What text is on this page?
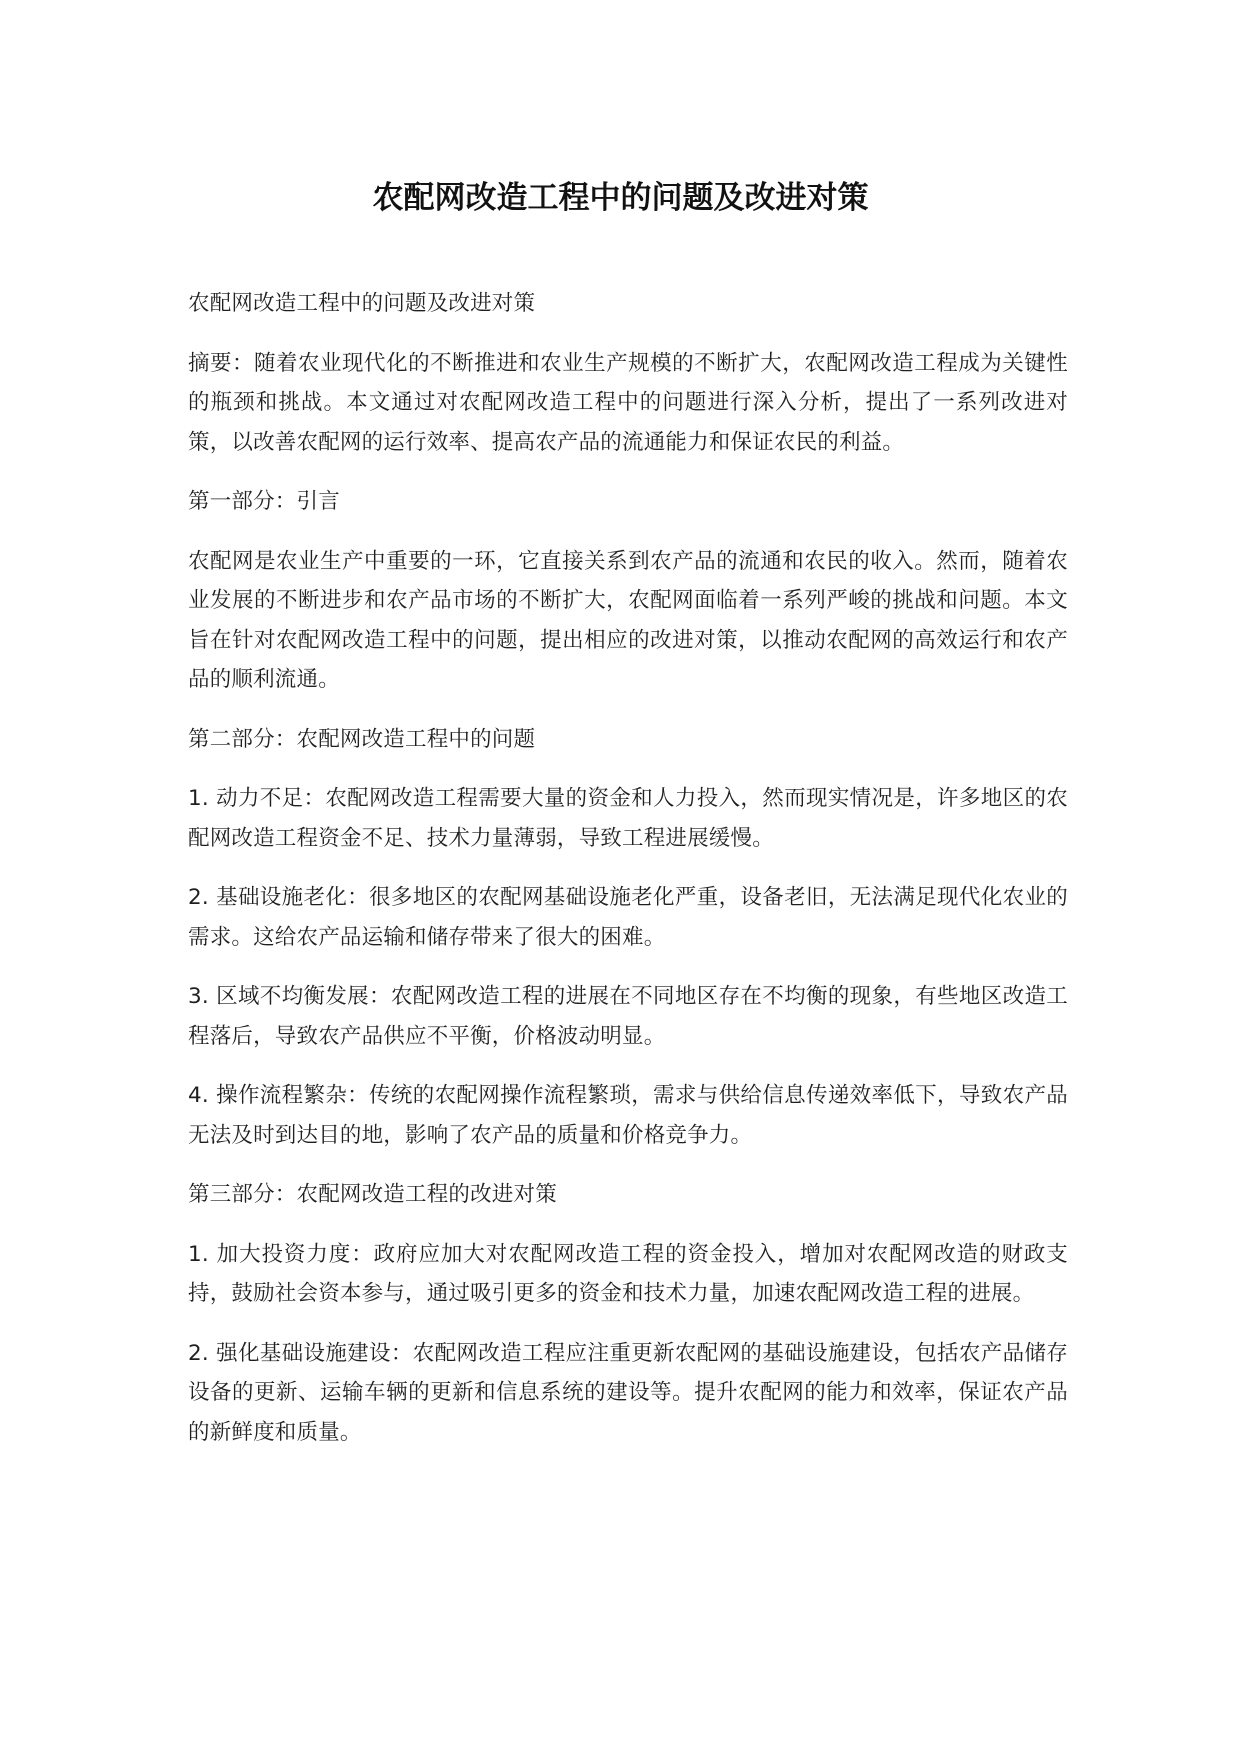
农配网改造工程中的问题及改进对策

农配网改造工程中的问题及改进对策

摘要：随着农业现代化的不断推进和农业生产规模的不断扩大，农配网改造工程成为关键性的瓶颈和挑战。本文通过对农配网改造工程中的问题进行深入分析，提出了一系列改进对策，以改善农配网的运行效率、提高农产品的流通能力和保证农民的利益。

第一部分：引言

农配网是农业生产中重要的一环，它直接关系到农产品的流通和农民的收入。然而，随着农业发展的不断进步和农产品市场的不断扩大，农配网面临着一系列严峻的挑战和问题。本文旨在针对农配网改造工程中的问题，提出相应的改进对策，以推动农配网的高效运行和农产品的顺利流通。

第二部分：农配网改造工程中的问题

1. 动力不足：农配网改造工程需要大量的资金和人力投入，然而现实情况是，许多地区的农配网改造工程资金不足、技术力量薄弱，导致工程进展缓慢。

2. 基础设施老化：很多地区的农配网基础设施老化严重，设备老旧，无法满足现代化农业的需求。这给农产品运输和储存带来了很大的困难。

3. 区域不均衡发展：农配网改造工程的进展在不同地区存在不均衡的现象，有些地区改造工程落后，导致农产品供应不平衡，价格波动明显。

4. 操作流程繁杂：传统的农配网操作流程繁琐，需求与供给信息传递效率低下，导致农产品无法及时到达目的地，影响了农产品的质量和价格竞争力。

第三部分：农配网改造工程的改进对策

1. 加大投资力度：政府应加大对农配网改造工程的资金投入，增加对农配网改造的财政支持，鼓励社会资本参与，通过吸引更多的资金和技术力量，加速农配网改造工程的进展。

2. 强化基础设施建设：农配网改造工程应注重更新农配网的基础设施建设，包括农产品储存设备的更新、运输车辆的更新和信息系统的建设等。提升农配网的能力和效率，保证农产品的新鲜度和质量。
